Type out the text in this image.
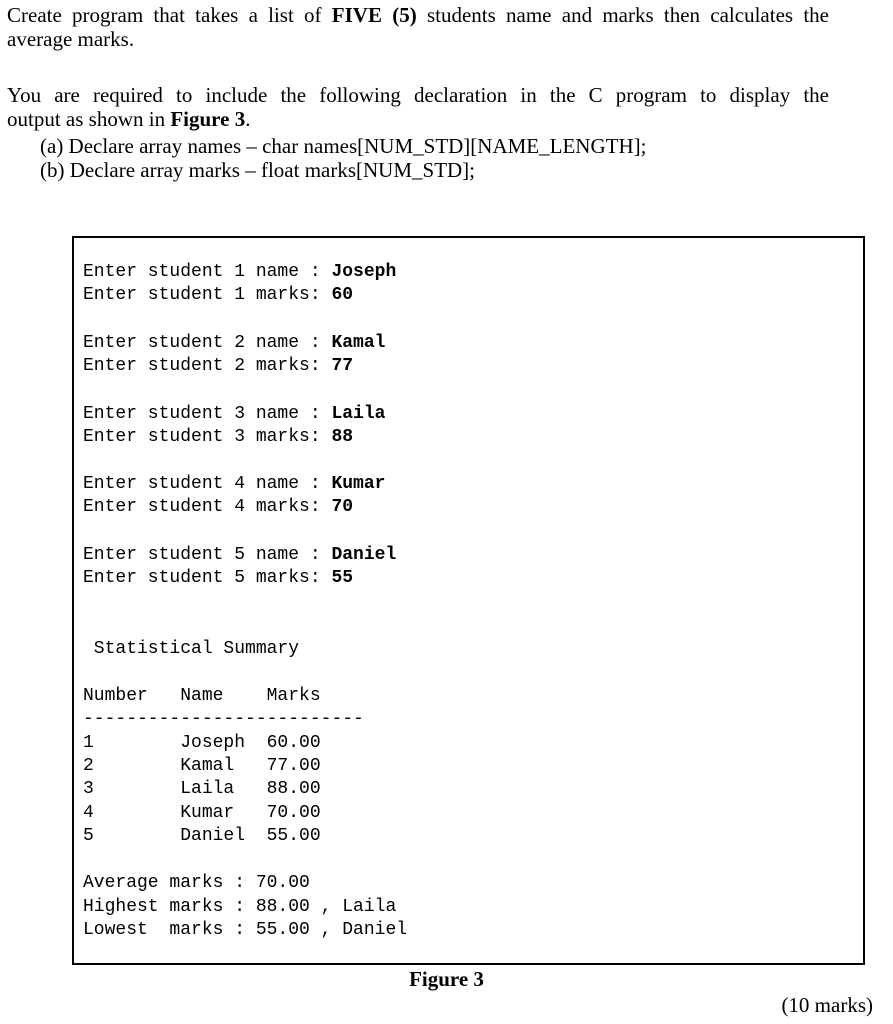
Create program that takes a list of FIVE (5) students name and marks then calculates the
average marks.
You are required to include the following declaration in the C program to display the
output as shown in Figure 3.
(a) Declare array names – char names[NUM_STD][NAME_LENGTH];
(b) Declare array marks – float marks[NUM_STD];
Enter student 1 name : Joseph
Enter student 1 marks: 60
Enter student 2 name : Kamal
Enter student 2 marks: 77
Enter student 3 name : Laila
Enter student 3 marks: 88
Enter student 4 name : Kumar
Enter student 4 marks: 70
Enter student 5 name : Daniel
Enter student 5 marks: 55
Statistical Summary
Number   Name    Marks
--------------------------
1        Joseph  60.00
2        Kamal   77.00
3        Laila   88.00
4        Kumar   70.00
5        Daniel  55.00
Average marks : 70.00
Highest marks : 88.00 , Laila
Lowest  marks : 55.00 , Daniel
Figure 3
(10 marks)
